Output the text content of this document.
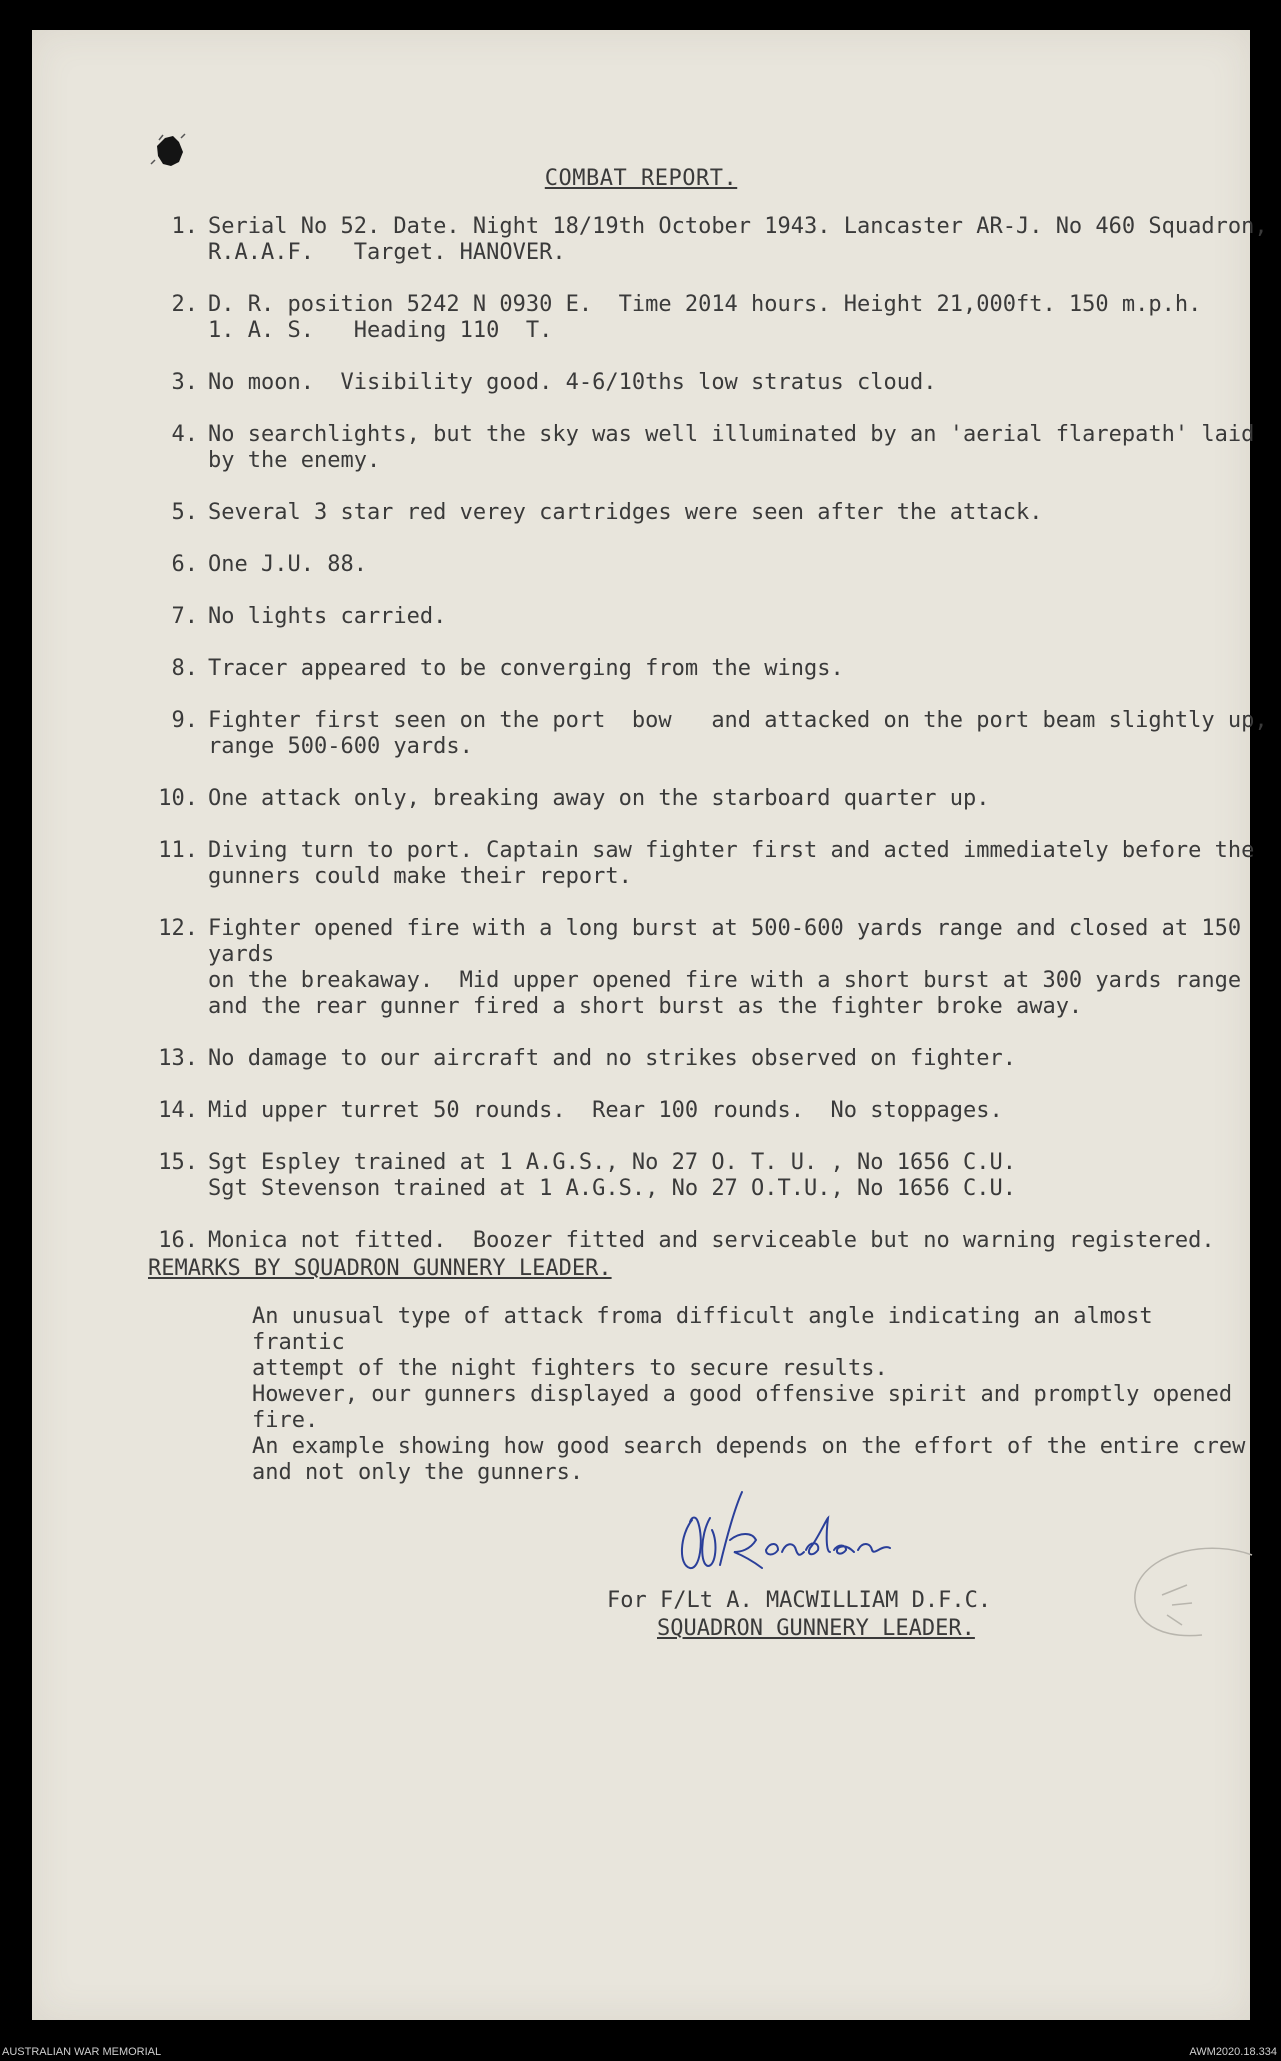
COMBAT REPORT.
1. Serial No 52. Date. Night 18/19th October 1943. Lancaster AR-J. No 460 Squadron,
R.A.A.F.   Target. HANOVER.
2. D. R. position 5242 N 0930 E.  Time 2014 hours. Height 21,000ft. 150 m.p.h.
1. A. S.   Heading 110  T.
3. No moon.  Visibility good. 4-6/10ths low stratus cloud.
4. No searchlights, but the sky was well illuminated by an 'aerial flarepath' laid
by the enemy.
5. Several 3 star red verey cartridges were seen after the attack.
6. One J.U. 88.
7. No lights carried.
8. Tracer appeared to be converging from the wings.
9. Fighter first seen on the port  bow   and attacked on the port beam slightly up,
range 500-600 yards.
10. One attack only, breaking away on the starboard quarter up.
11. Diving turn to port. Captain saw fighter first and acted immediately before the
gunners could make their report.
12. Fighter opened fire with a long burst at 500-600 yards range and closed at 150 yards
on the breakaway.  Mid upper opened fire with a short burst at 300 yards range
and the rear gunner fired a short burst as the fighter broke away.
13. No damage to our aircraft and no strikes observed on fighter.
14. Mid upper turret 50 rounds.  Rear 100 rounds.  No stoppages.
15. Sgt Espley trained at 1 A.G.S., No 27 O. T. U. , No 1656 C.U.
Sgt Stevenson trained at 1 A.G.S., No 27 O.T.U., No 1656 C.U.
16. Monica not fitted.  Boozer fitted and serviceable but no warning registered.
REMARKS BY SQUADRON GUNNERY LEADER.
An unusual type of attack froma difficult angle indicating an almost frantic
attempt of the night fighters to secure results.
However, our gunners displayed a good offensive spirit and promptly opened
fire.
An example showing how good search depends on the effort of the entire crew
and not only the gunners.
For F/Lt A. MACWILLIAM D.F.C.
SQUADRON GUNNERY LEADER.
AUSTRALIAN WAR MEMORIAL	AWM2020.18.334
